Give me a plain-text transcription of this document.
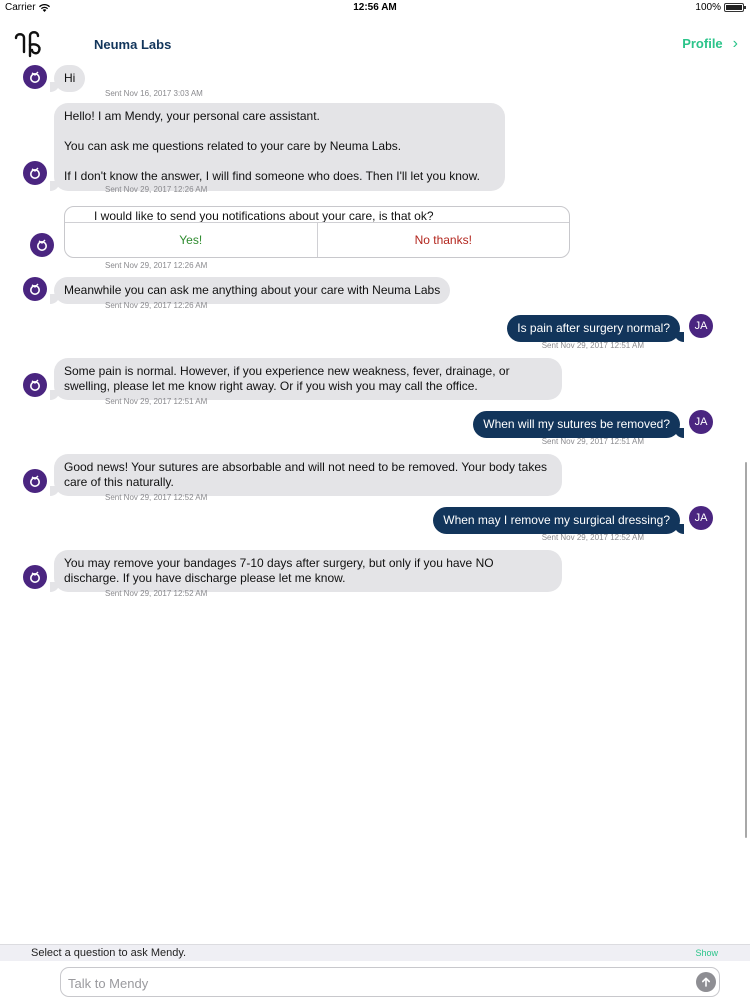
Carrier	12:56 AM	100%
Neuma Labs	Profile ›
Hi
Sent Nov 16, 2017 3:03 AM

Hello! I am Mendy, your personal care assistant.

You can ask me questions related to your care by Neuma Labs.

If I don't know the answer, I will find someone who does. Then I'll let you know.

Sent Nov 29, 2017 12:26 AM
I would like to send you notifications about your care, is that ok?
Yes!	No thanks!
Sent Nov 29, 2017 12:26 AM
Meanwhile you can ask me anything about your care with Neuma Labs
Sent Nov 29, 2017 12:26 AM
Is pain after surgery normal?	JA
Sent Nov 29, 2017 12:51 AM
Some pain is normal. However, if you experience new weakness, fever, drainage, or swelling, please let me know right away. Or if you wish you may call the office.
Sent Nov 29, 2017 12:51 AM
When will my sutures be removed?	JA
Sent Nov 29, 2017 12:51 AM
Good news! Your sutures are absorbable and will not need to be removed. Your body takes care of this naturally.
Sent Nov 29, 2017 12:52 AM
When may I remove my surgical dressing?	JA
Sent Nov 29, 2017 12:52 AM
You may remove your bandages 7-10 days after surgery, but only if you have NO discharge. If you have discharge please let me know.
Sent Nov 29, 2017 12:52 AM
Select a question to ask Mendy.	Show
Talk to Mendy
